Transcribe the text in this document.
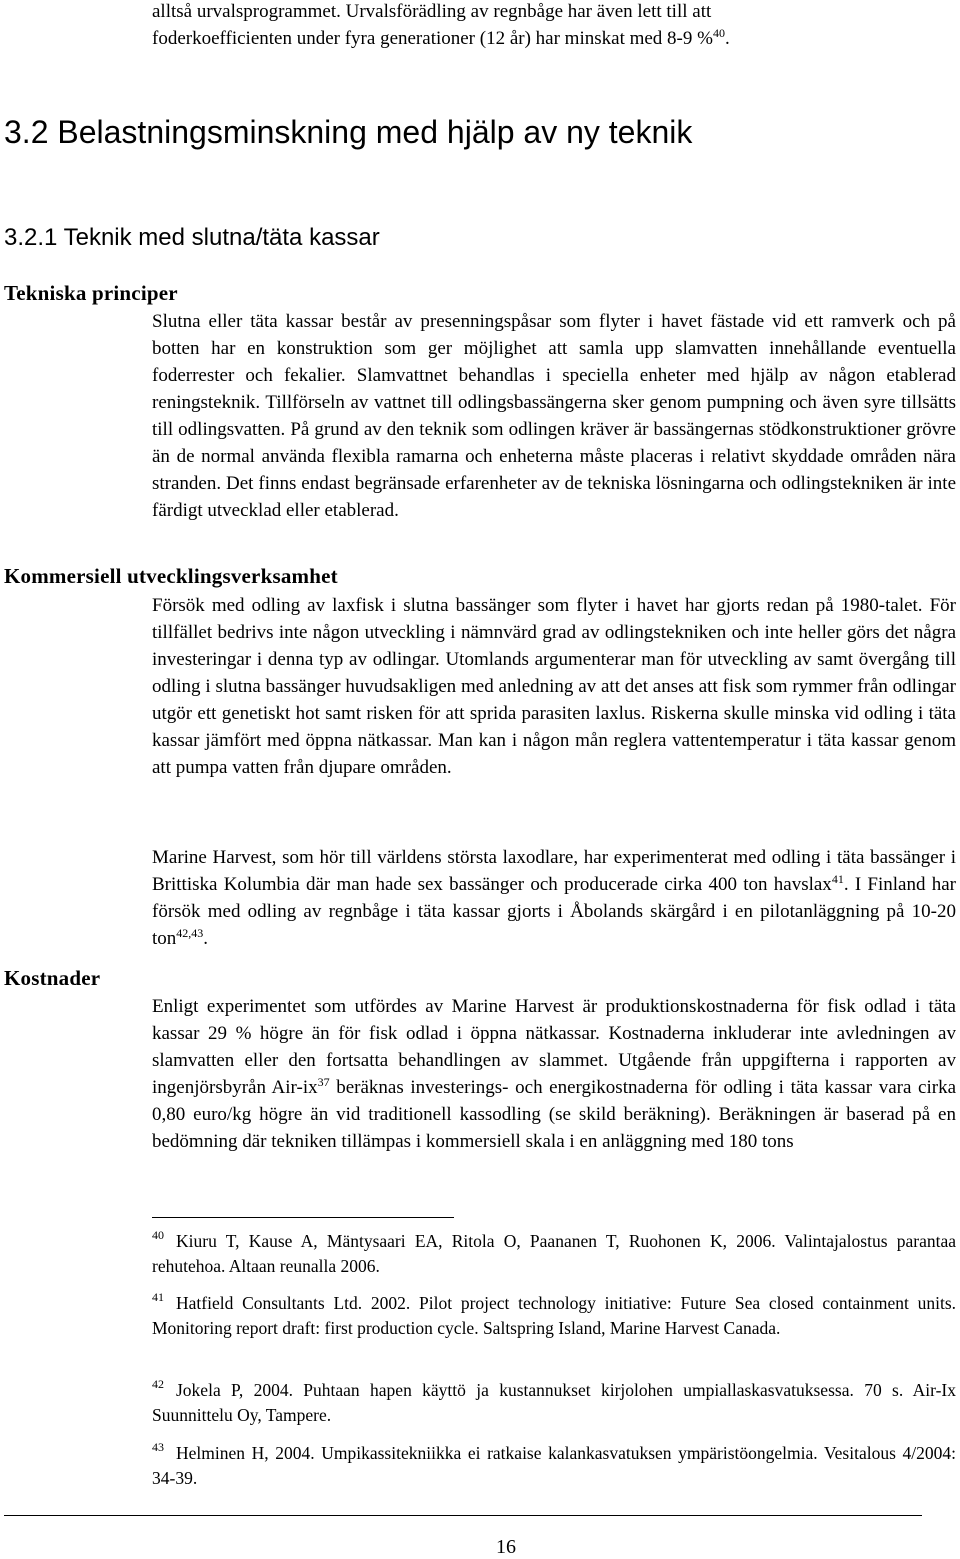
alltså urvalsprogrammet. Urvalsförädling av regnbåge har även lett till att
foderkoefficienten under fyra generationer (12 år) har minskat med 8-9 %$^{40}$.
3.2 Belastningsminskning med hjälp av ny teknik
3.2.1 Teknik med slutna/täta kassar
Tekniska principer
Slutna eller täta kassar består av presenningspåsar som flyter i havet fästade vid ett ramverk och på botten har en konstruktion som ger möjlighet att samla upp slamvatten innehållande eventuella foderrester och fekalier. Slamvattnet behandlas i speciella enheter med hjälp av någon etablerad reningsteknik. Tillförseln av vattnet till odlingsbassängerna sker genom pumpning och även syre tillsätts till odlingsvatten. På grund av den teknik som odlingen kräver är bassängernas stödkonstruktioner grövre än de normal använda flexibla ramarna och enheterna måste placeras i relativt skyddade områden nära stranden. Det finns endast begränsade erfarenheter av de tekniska lösningarna och odlingstekniken är inte färdigt utvecklad eller etablerad.
Kommersiell utvecklingsverksamhet
Försök med odling av laxfisk i slutna bassänger som flyter i havet har gjorts redan på 1980-talet. För tillfället bedrivs inte någon utveckling i nämnvärd grad av odlingstekniken och inte heller görs det några investeringar i denna typ av odlingar. Utomlands argumenterar man för utveckling av samt övergång till odling i slutna bassänger huvudsakligen med anledning av att det anses att fisk som rymmer från odlingar utgör ett genetiskt hot samt risken för att sprida parasiten laxlus. Riskerna skulle minska vid odling i täta kassar jämfört med öppna nätkassar. Man kan i någon mån reglera vattentemperatur i täta kassar genom att pumpa vatten från djupare områden.
Marine Harvest, som hör till världens största laxodlare, har experimenterat med odling i täta bassänger i Brittiska Kolumbia där man hade sex bassänger och producerade cirka 400 ton havslax$^{41}$. I Finland har försök med odling av regnbåge i täta kassar gjorts i Åbolands skärgård i en pilotanläggning på 10-20 ton$^{42,43}$.
Kostnader
Enligt experimentet som utfördes av Marine Harvest är produktionskostnaderna för fisk odlad i täta kassar 29 % högre än för fisk odlad i öppna nätkassar. Kostnaderna inkluderar inte avledningen av slamvatten eller den fortsatta behandlingen av slammet. Utgående från uppgifterna i rapporten av ingenjörsbyrån Air-$ix^{37}$ beräknas investerings- och energikostnaderna för odling i täta kassar vara cirka 0,80 euro/kg högre än vid traditionell kassodling (se skild beräkning). Beräkningen är baserad på en bedömning där tekniken tillämpas i kommersiell skala i en anläggning med 180 tons
$^{40}$ Kiuru T, Kause A, Mäntysaari EA, Ritola O, Paananen T, Ruohonen K, 2006. Valintajalostus parantaa rehutehoa. Altaan reunalla 2006.
$^{41}$ Hatfield Consultants Ltd. 2002. Pilot project technology initiative: Future Sea closed containment units. Monitoring report draft: first production cycle. Saltspring Island, Marine Harvest Canada.
$^{42}$ Jokela P, 2004. Puhtaan hapen käyttö ja kustannukset kirjolohen umpiallaskasvatuksessa. 70 s. Air-Ix Suunnittelu Oy, Tampere.
$^{43}$ Helminen H, 2004. Umpikassitekniikka ei ratkaise kalankasvatuksen ympäristöongelmia. Vesitalous 4/2004: 34-39.
16
